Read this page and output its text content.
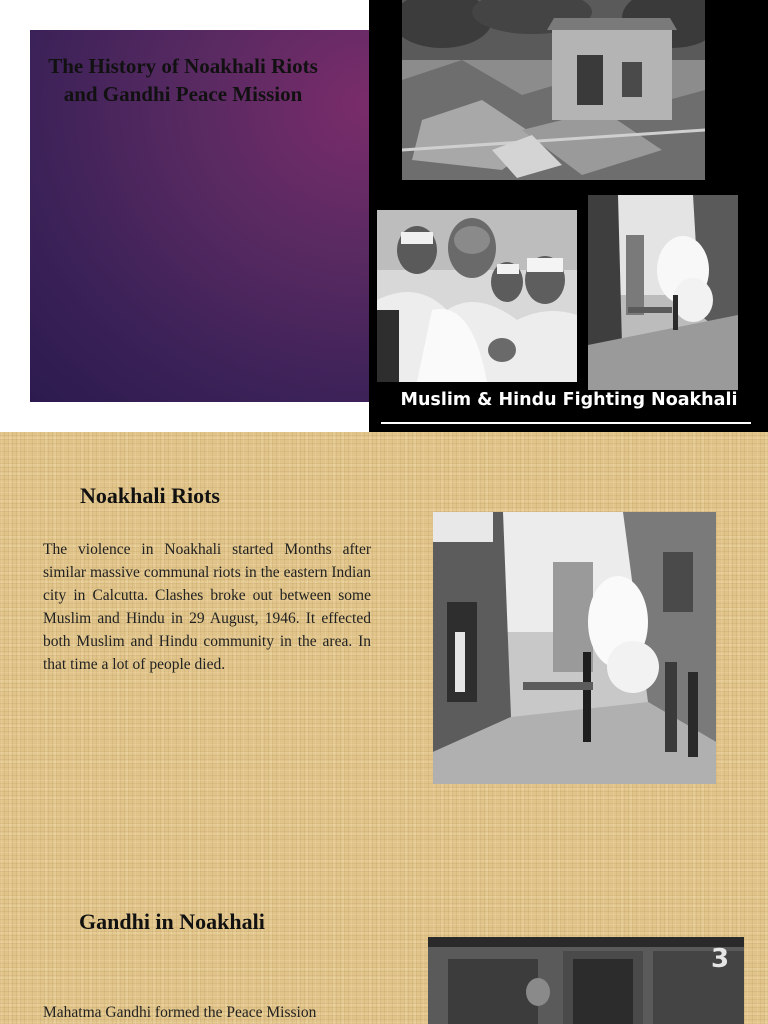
The History of Noakhali Riots
and Gandhi Peace Mission
Muslim & Hindu Fighting Noakhali
Noakhali Riots

The violence in Noakhali started Months after similar massive communal riots in the eastern Indian city in Calcutta. Clashes broke out between some Muslim and Hindu in 29 August, 1946. It effected both Muslim and Hindu community in the area. In that time a lot of people died.

Gandhi in Noakhali
3

Mahatma Gandhi formed the Peace Mission
